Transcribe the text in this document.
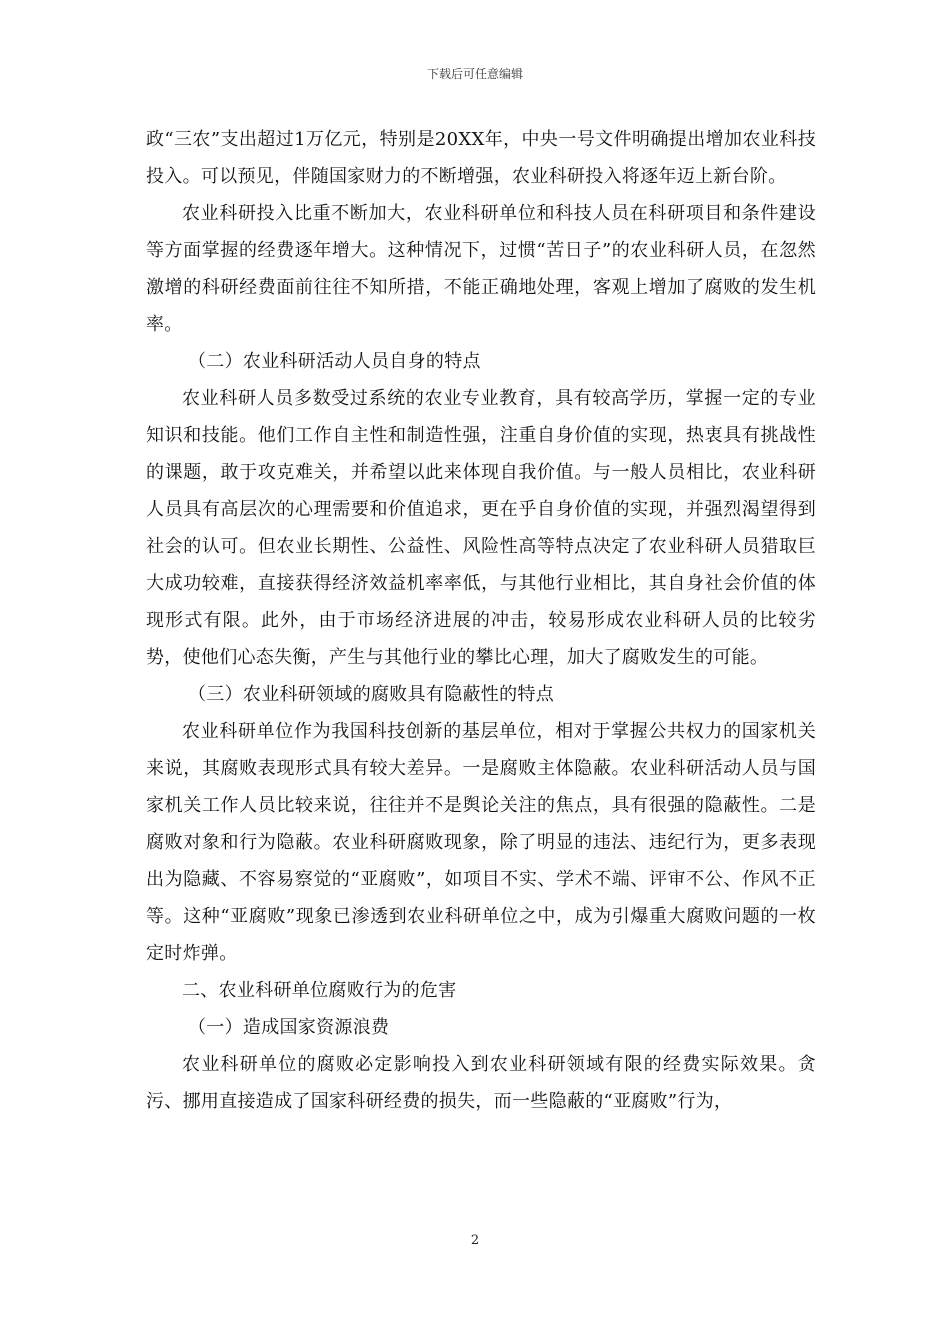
下载后可任意编辑

政“三农”支出超过1万亿元，特别是20XX年，中央一号文件明确提出增加农业科技投入。可以预见，伴随国家财力的不断增强，农业科研投入将逐年迈上新台阶。

农业科研投入比重不断加大，农业科研单位和科技人员在科研项目和条件建设等方面掌握的经费逐年增大。这种情况下，过惯“苦日子”的农业科研人员，在忽然激增的科研经费面前往往不知所措，不能正确地处理，客观上增加了腐败的发生机率。

（二）农业科研活动人员自身的特点

农业科研人员多数受过系统的农业专业教育，具有较高学历，掌握一定的专业知识和技能。他们工作自主性和制造性强，注重自身价值的实现，热衷具有挑战性的课题，敢于攻克难关，并希望以此来体现自我价值。与一般人员相比，农业科研人员具有高层次的心理需要和价值追求，更在乎自身价值的实现，并强烈渴望得到社会的认可。但农业长期性、公益性、风险性高等特点决定了农业科研人员猎取巨大成功较难，直接获得经济效益机率率低，与其他行业相比，其自身社会价值的体现形式有限。此外，由于市场经济进展的冲击，较易形成农业科研人员的比较劣势，使他们心态失衡，产生与其他行业的攀比心理，加大了腐败发生的可能。

（三）农业科研领域的腐败具有隐蔽性的特点

农业科研单位作为我国科技创新的基层单位，相对于掌握公共权力的国家机关来说，其腐败表现形式具有较大差异。一是腐败主体隐蔽。农业科研活动人员与国家机关工作人员比较来说，往往并不是舆论关注的焦点，具有很强的隐蔽性。二是腐败对象和行为隐蔽。农业科研腐败现象，除了明显的违法、违纪行为，更多表现出为隐藏、不容易察觉的“亚腐败”，如项目不实、学术不端、评审不公、作风不正等。这种“亚腐败”现象已渗透到农业科研单位之中，成为引爆重大腐败问题的一枚定时炸弹。

二、农业科研单位腐败行为的危害

（一）造成国家资源浪费

农业科研单位的腐败必定影响投入到农业科研领域有限的经费实际效果。贪污、挪用直接造成了国家科研经费的损失，而一些隐蔽的“亚腐败”行为，

2
